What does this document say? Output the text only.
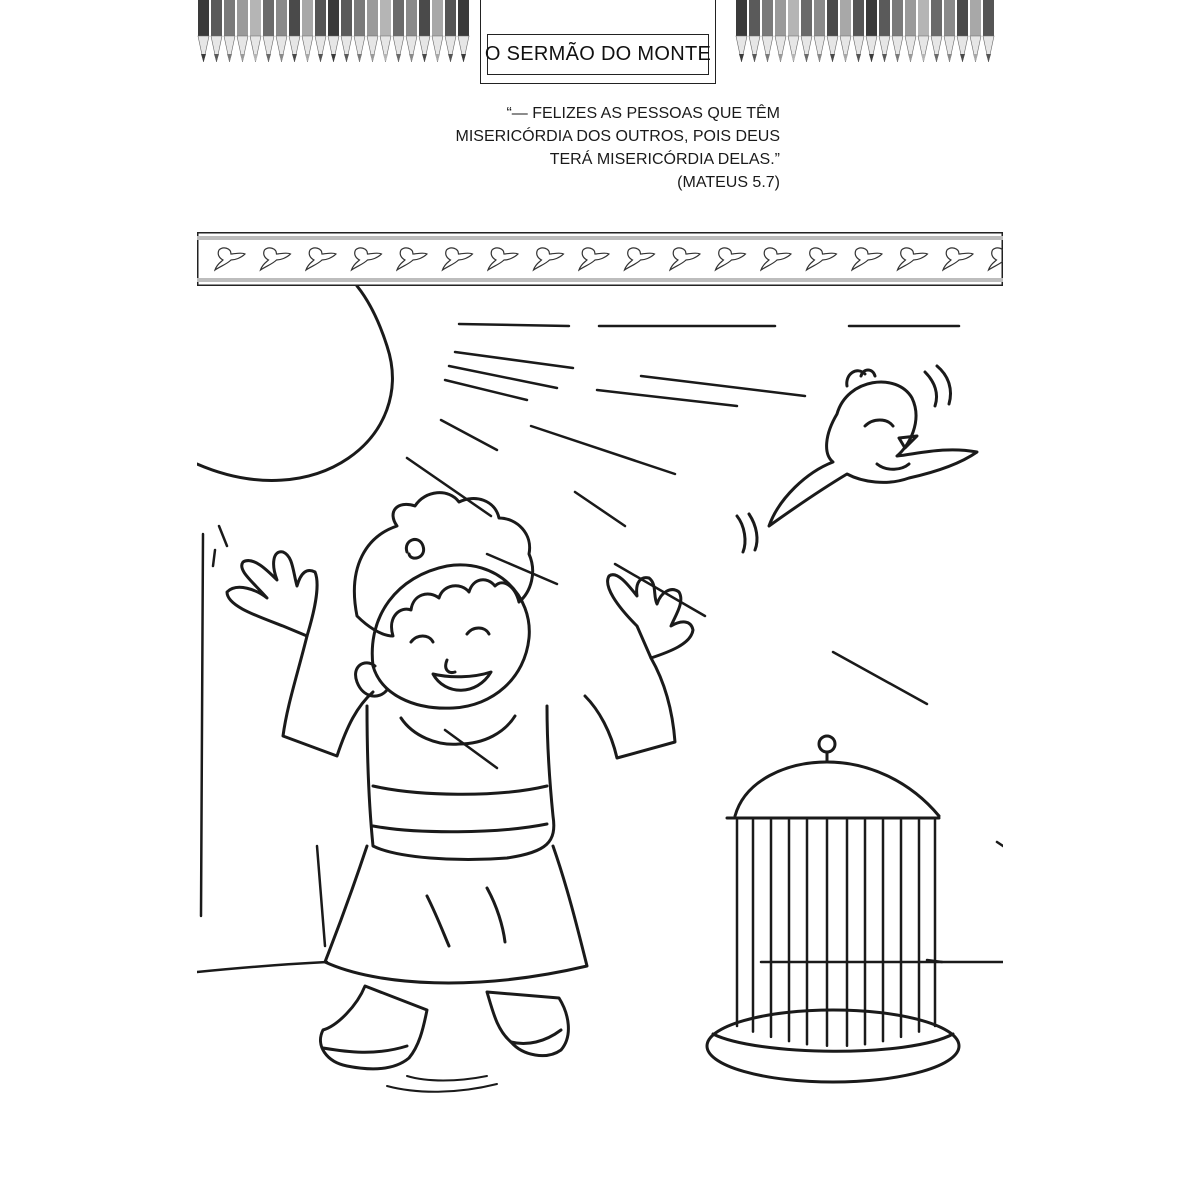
O SERMÃO DO MONTE
“— FELIZES AS PESSOAS QUE TÊM
MISERICÓRDIA DOS OUTROS, POIS DEUS
TERÁ MISERICÓRDIA DELAS.”
(MATEUS 5.7)
